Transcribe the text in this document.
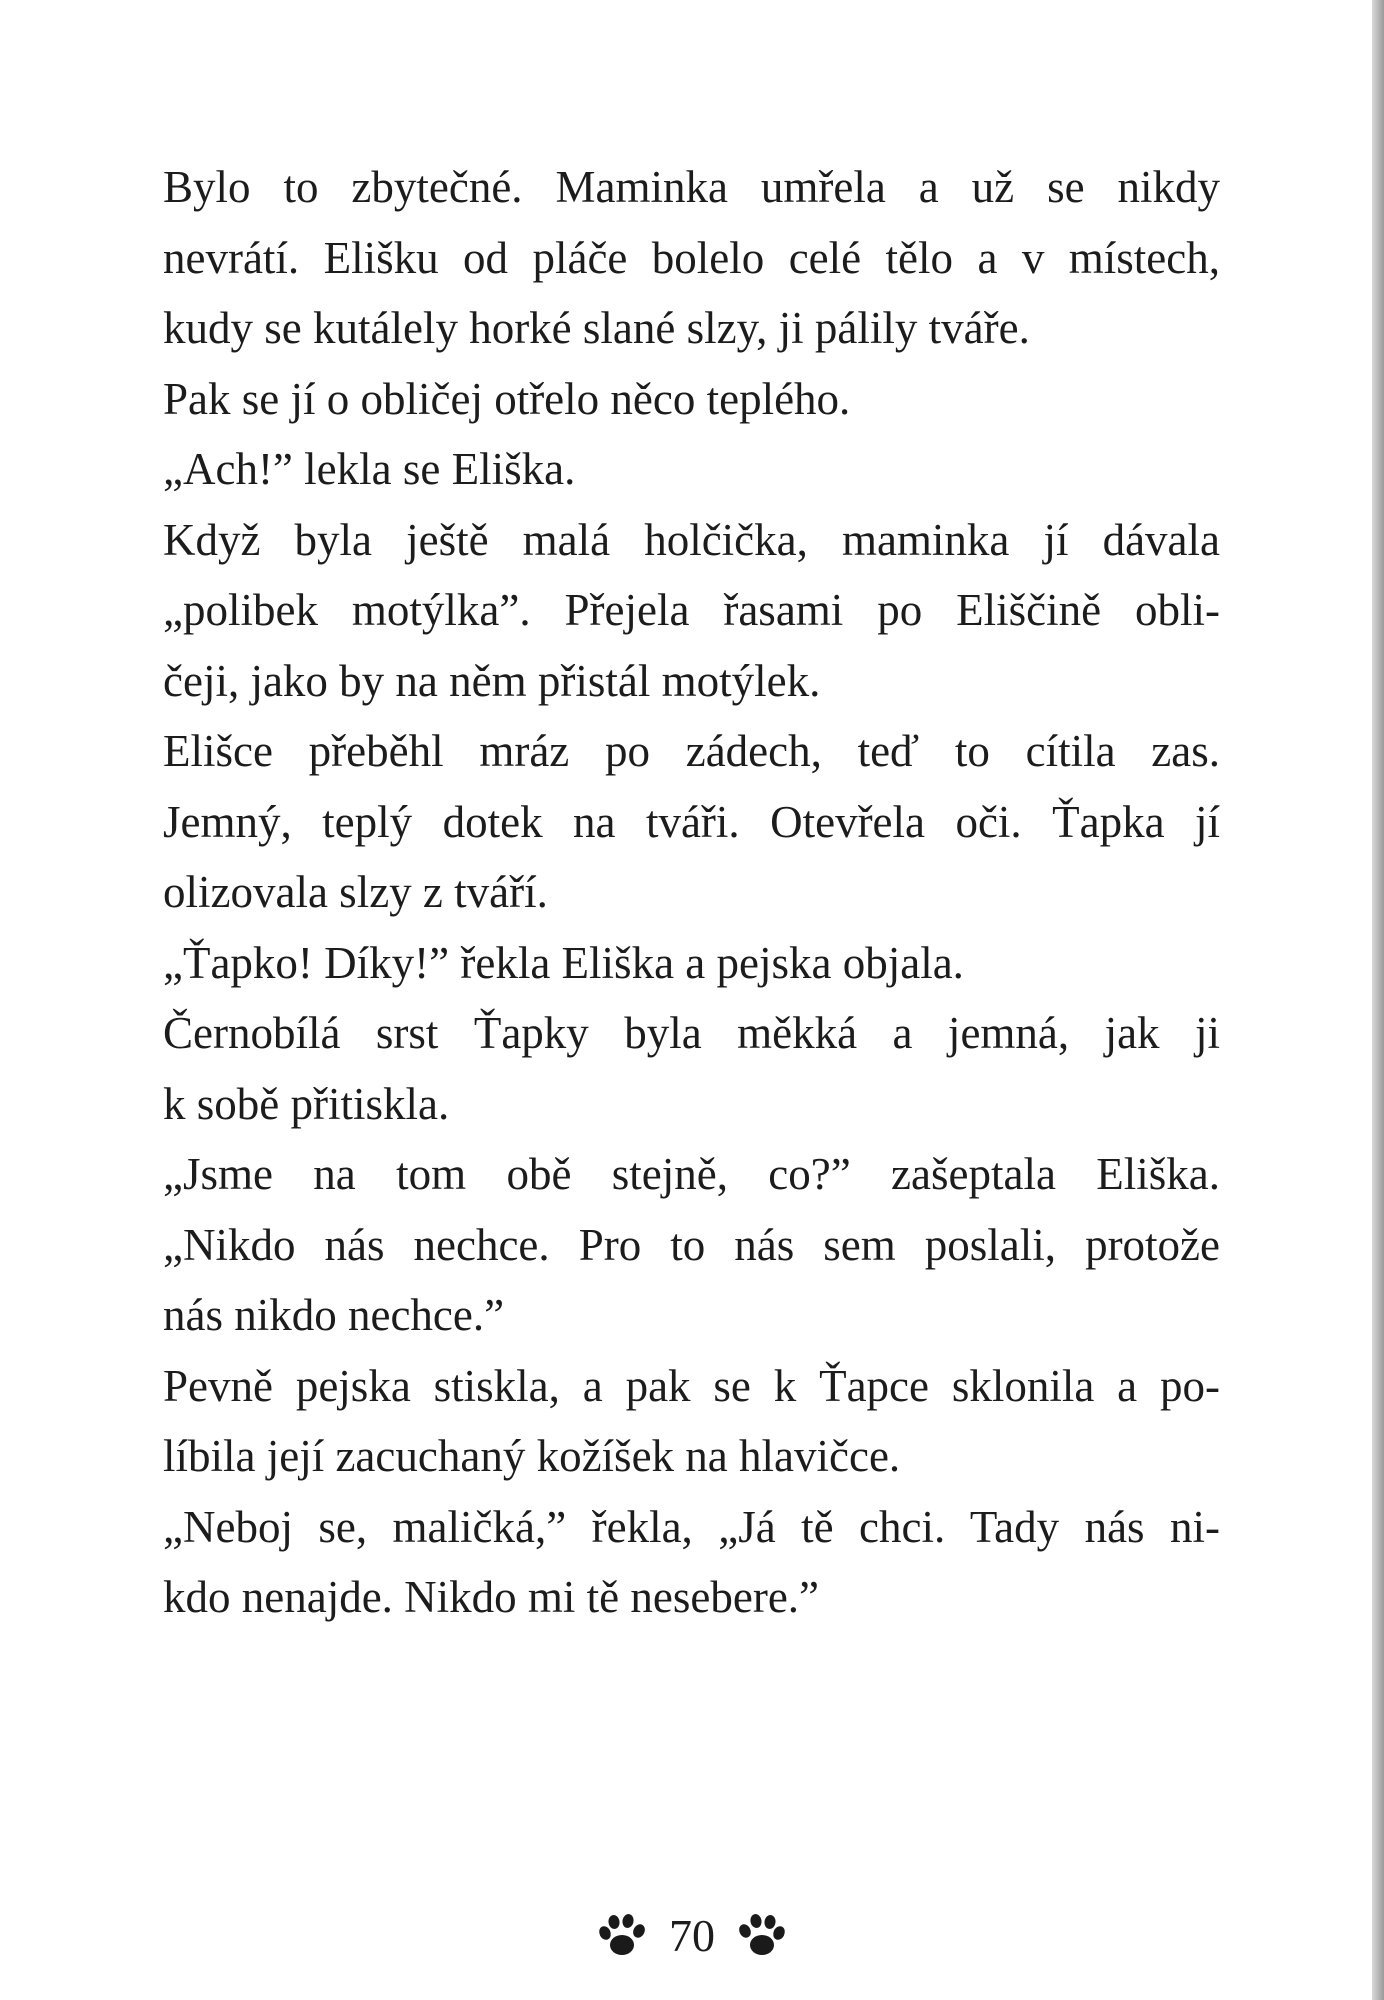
Bylo to zbytečné. Maminka umřela a už se nikdy
nevrátí. Elišku od pláče bolelo celé tělo a v místech,
kudy se kutálely horké slané slzy, ji pálily tváře.
Pak se jí o obličej otřelo něco teplého.
„Ach!” lekla se Eliška.
Když byla ještě malá holčička, maminka jí dávala
„polibek motýlka”. Přejela řasami po Eliščině obli-
čeji, jako by na něm přistál motýlek.
Elišce přeběhl mráz po zádech, teď to cítila zas.
Jemný, teplý dotek na tváři. Otevřela oči. Ťapka jí
olizovala slzy z tváří.
„Ťapko! Díky!” řekla Eliška a pejska objala.
Černobílá srst Ťapky byla měkká a jemná, jak ji
k sobě přitiskla.
„Jsme na tom obě stejně, co?” zašeptala Eliška.
„Nikdo nás nechce. Pro to nás sem poslali, protože
nás nikdo nechce.”
Pevně pejska stiskla, a pak se k Ťapce sklonila a po-
líbila její zacuchaný kožíšek na hlavičce.
„Neboj se, maličká,” řekla, „Já tě chci. Tady nás ni-
kdo nenajde. Nikdo mi tě nesebere.”
70
